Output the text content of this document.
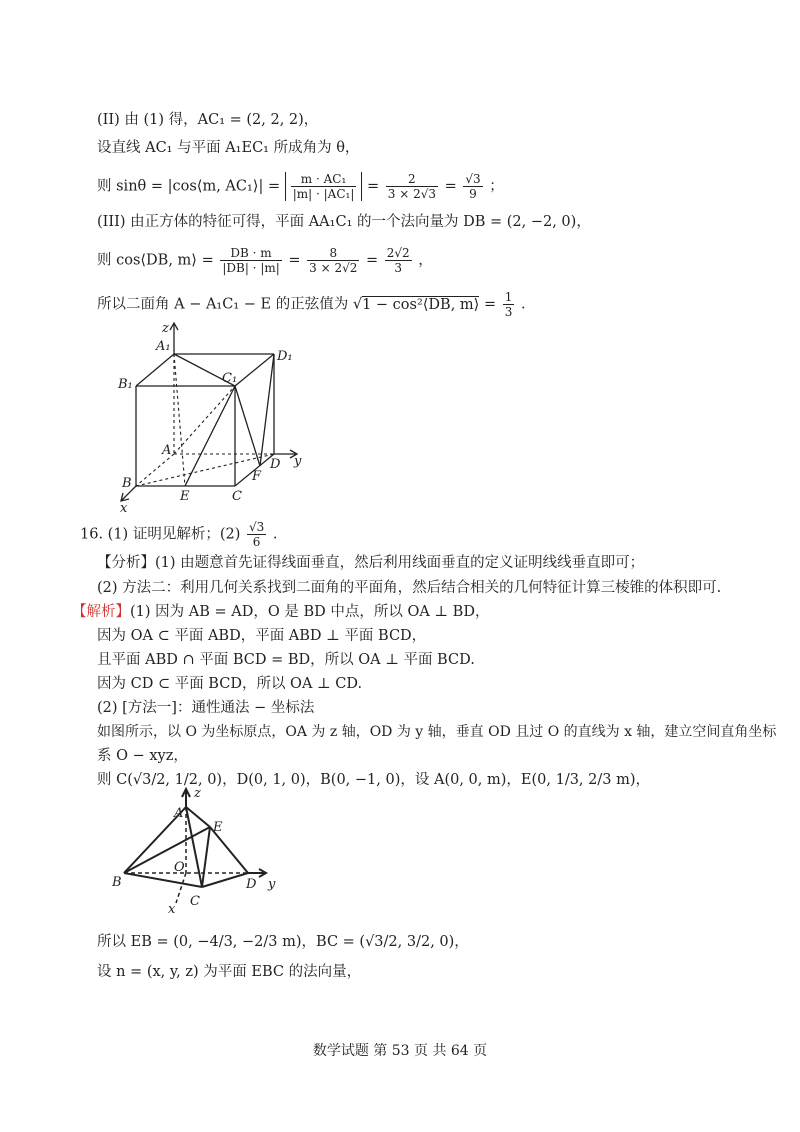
(II) 由 (1) 得，AC₁ = (2, 2, 2)，
设直线 AC₁ 与平面 A₁EC₁ 所成角为 θ，
则 sinθ = |cos⟨m, AC₁⟩| = $\frac{\text{m · AC₁}}{\text{|m| · |AC₁|}} = \frac{2}{3 \times 2√3} = \frac{√3}{9}$ ；
(III) 由正方体的特征可得，平面 AA₁C₁ 的一个法向量为 DB = (2, −2, 0)，
则 cos⟨DB, m⟩ = $\frac{DB \cdot m}{|DB| \cdot |m|} = \frac{8}{3 \times 2√2} = \frac{2√2}{3}$ ，
所以二面角 A − A₁C₁ − E 的正弦值为 √1 − cos²⟨DB, m⟩ = $\frac{1}{3}$ .
z
A₁
D₁
B₁	C₁
A
y
D
F
B
E	C
x
16. (1) 证明见解析；$(2) \frac{√3}{6}$ .
【分析】(1) 由题意首先证得线面垂直，然后利用线面垂直的定义证明线线垂直即可；
(2) 方法二：利用几何关系找到二面角的平面角，然后结合相关的几何特征计算三棱锥的体积即可.
【解析】(1) 因为 AB = AD，O 是 BD 中点，所以 OA ⊥ BD，
因为 OA ⊂ 平面 ABD，平面 ABD ⊥ 平面 BCD，
且平面 ABD ∩ 平面 BCD = BD，所以 OA ⊥ 平面 BCD.
因为 CD ⊂ 平面 BCD，所以 OA ⊥ CD.
(2) [方法一]：通性通法 − 坐标法
如图所示，以 O 为坐标原点，OA 为 z 轴，OD 为 y 轴，垂直 OD 且过 O 的直线为 x 轴，建立空间直角坐标
系 O − xyz，
则 C(√3/2, 1/2, 0)，D(0, 1, 0)，B(0, −1, 0)，设 A(0, 0, m)，E(0, 1/3, 2/3 m)，
z
A
E
O
B	D y
x
C
所以 EB = (0, −4/3, −2/3 m)，BC = (√3/2, 3/2, 0)，
设 n = (x, y, z) 为平面 EBC 的法向量，
数学试题 第 53 页 共 64 页
